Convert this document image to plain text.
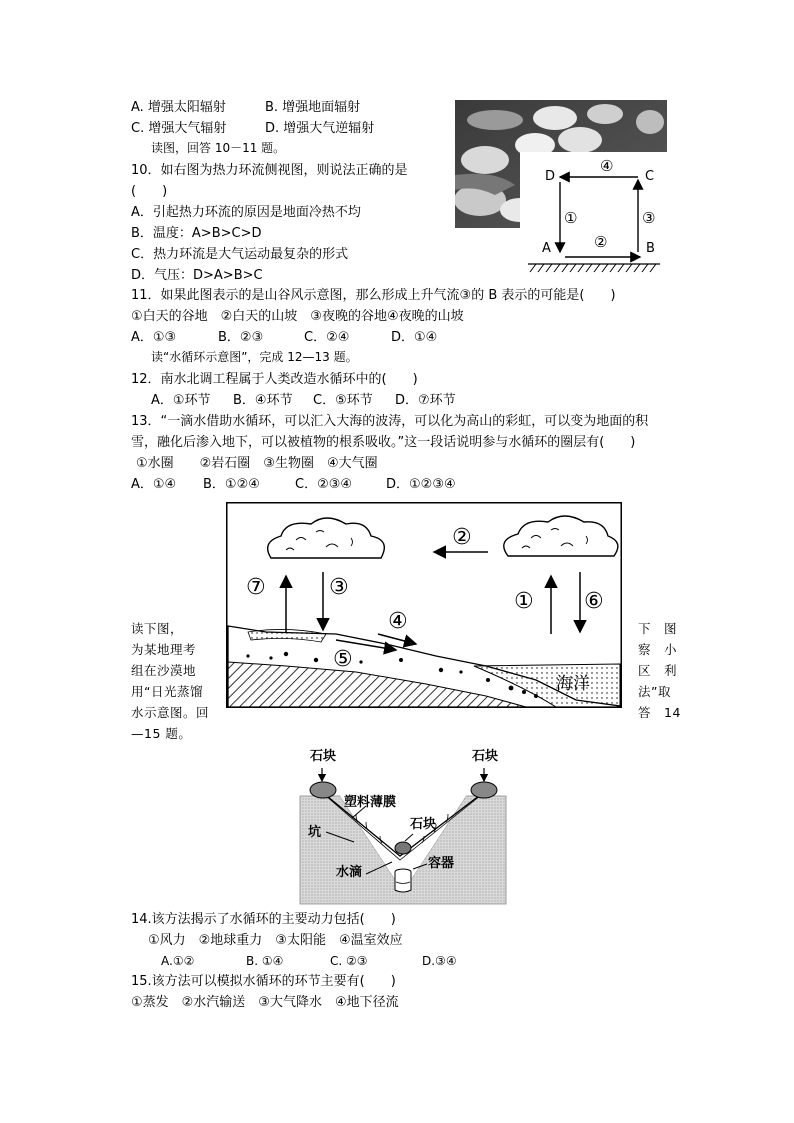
A. 增强太阳辐射	B. 增强地面辐射
C. 增强大气辐射	D. 增强大气逆辐射
读图，回答 10－11 题。
10．如右图为热力环流侧视图，则说法正确的是
(　　)
A．引起热力环流的原因是地面冷热不均
B．温度：A>B>C>D
C．热力环流是大气运动最复杂的形式
D．气压：D>A>B>C
D	C
A	B
④
①	③
②
11．如果此图表示的是山谷风示意图，那么形成上升气流③的 B 表示的可能是(　　)
①白天的谷地　②白天的山坡　③夜晚的谷地④夜晚的山坡
A．①③	B．②③	C．②④	D．①④
读“水循环示意图”，完成 12—13 题。
12．南水北调工程属于人类改造水循环中的(　　)
A．①环节 B．④环节 C．⑤环节 D．⑦环节
13．“一滴水借助水循环，可以汇入大海的波涛，可以化为高山的彩虹，可以变为地面的积
雪，融化后渗入地下，可以被植物的根系吸收。”这一段话说明参与水循环的圈层有(　　)
①水圈　　②岩石圈　③生物圈　④大气圈
A．①④ B．①②④	C．②③④	D．①②③④
⑦	③
②
④
⑤
① ⑥
海洋
读下图，
为某地理考
组在沙漠地
用“日光蒸馏
水示意图。回
—15 题。
下　图
察　小
区　利
法”取
答　14
石块	石块
塑料薄膜
石块
坑
容器
水滴
14.该方法揭示了水循环的主要动力包括(　　)
①风力　②地球重力　③太阳能　④温室效应
A.①②	B. ①④	C. ②③	D.③④
15.该方法可以模拟水循环的环节主要有(　　)
①蒸发　②水汽输送　③大气降水　④地下径流
